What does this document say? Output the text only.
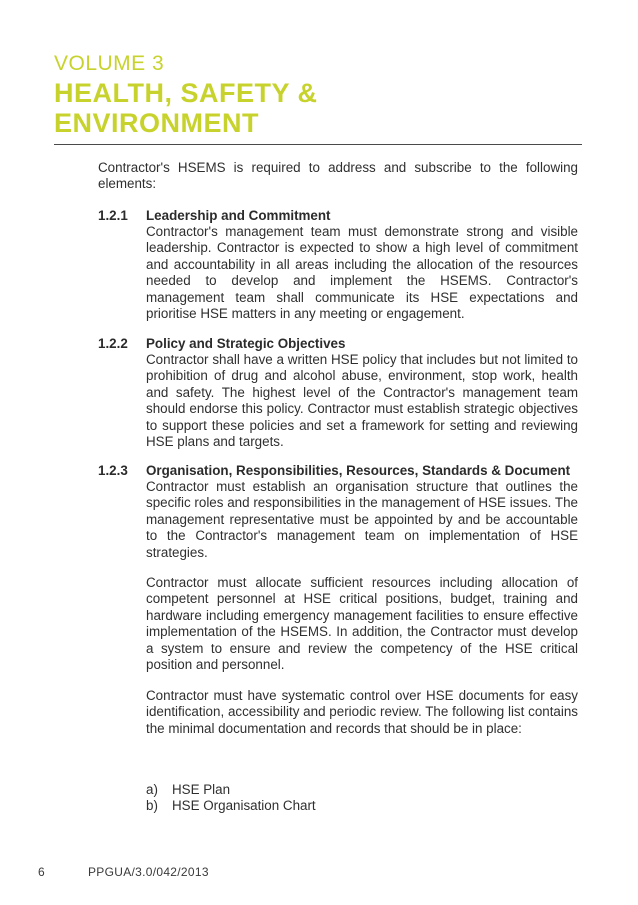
VOLUME 3
HEALTH, SAFETY &
ENVIRONMENT
Contractor's HSEMS is required to address and subscribe to the following elements:
1.2.1 Leadership and Commitment
Contractor's management team must demonstrate strong and visible leadership. Contractor is expected to show a high level of commitment and accountability in all areas including the allocation of the resources needed to develop and implement the HSEMS. Contractor's management team shall communicate its HSE expectations and prioritise HSE matters in any meeting or engagement.
1.2.2 Policy and Strategic Objectives
Contractor shall have a written HSE policy that includes but not limited to prohibition of drug and alcohol abuse, environment, stop work, health and safety. The highest level of the Contractor's management team should endorse this policy. Contractor must establish strategic objectives to support these policies and set a framework for setting and reviewing HSE plans and targets.
1.2.3 Organisation, Responsibilities, Resources, Standards & Document
Contractor must establish an organisation structure that outlines the specific roles and responsibilities in the management of HSE issues. The management representative must be appointed by and be accountable to the Contractor's management team on implementation of HSE strategies.
Contractor must allocate sufficient resources including allocation of competent personnel at HSE critical positions, budget, training and hardware including emergency management facilities to ensure effective implementation of the HSEMS. In addition, the Contractor must develop a system to ensure and review the competency of the HSE critical position and personnel.
Contractor must have systematic control over HSE documents for easy identification, accessibility and periodic review. The following list contains the minimal documentation and records that should be in place:
a) HSE Plan
b) HSE Organisation Chart
6	PPGUA/3.0/042/2013
